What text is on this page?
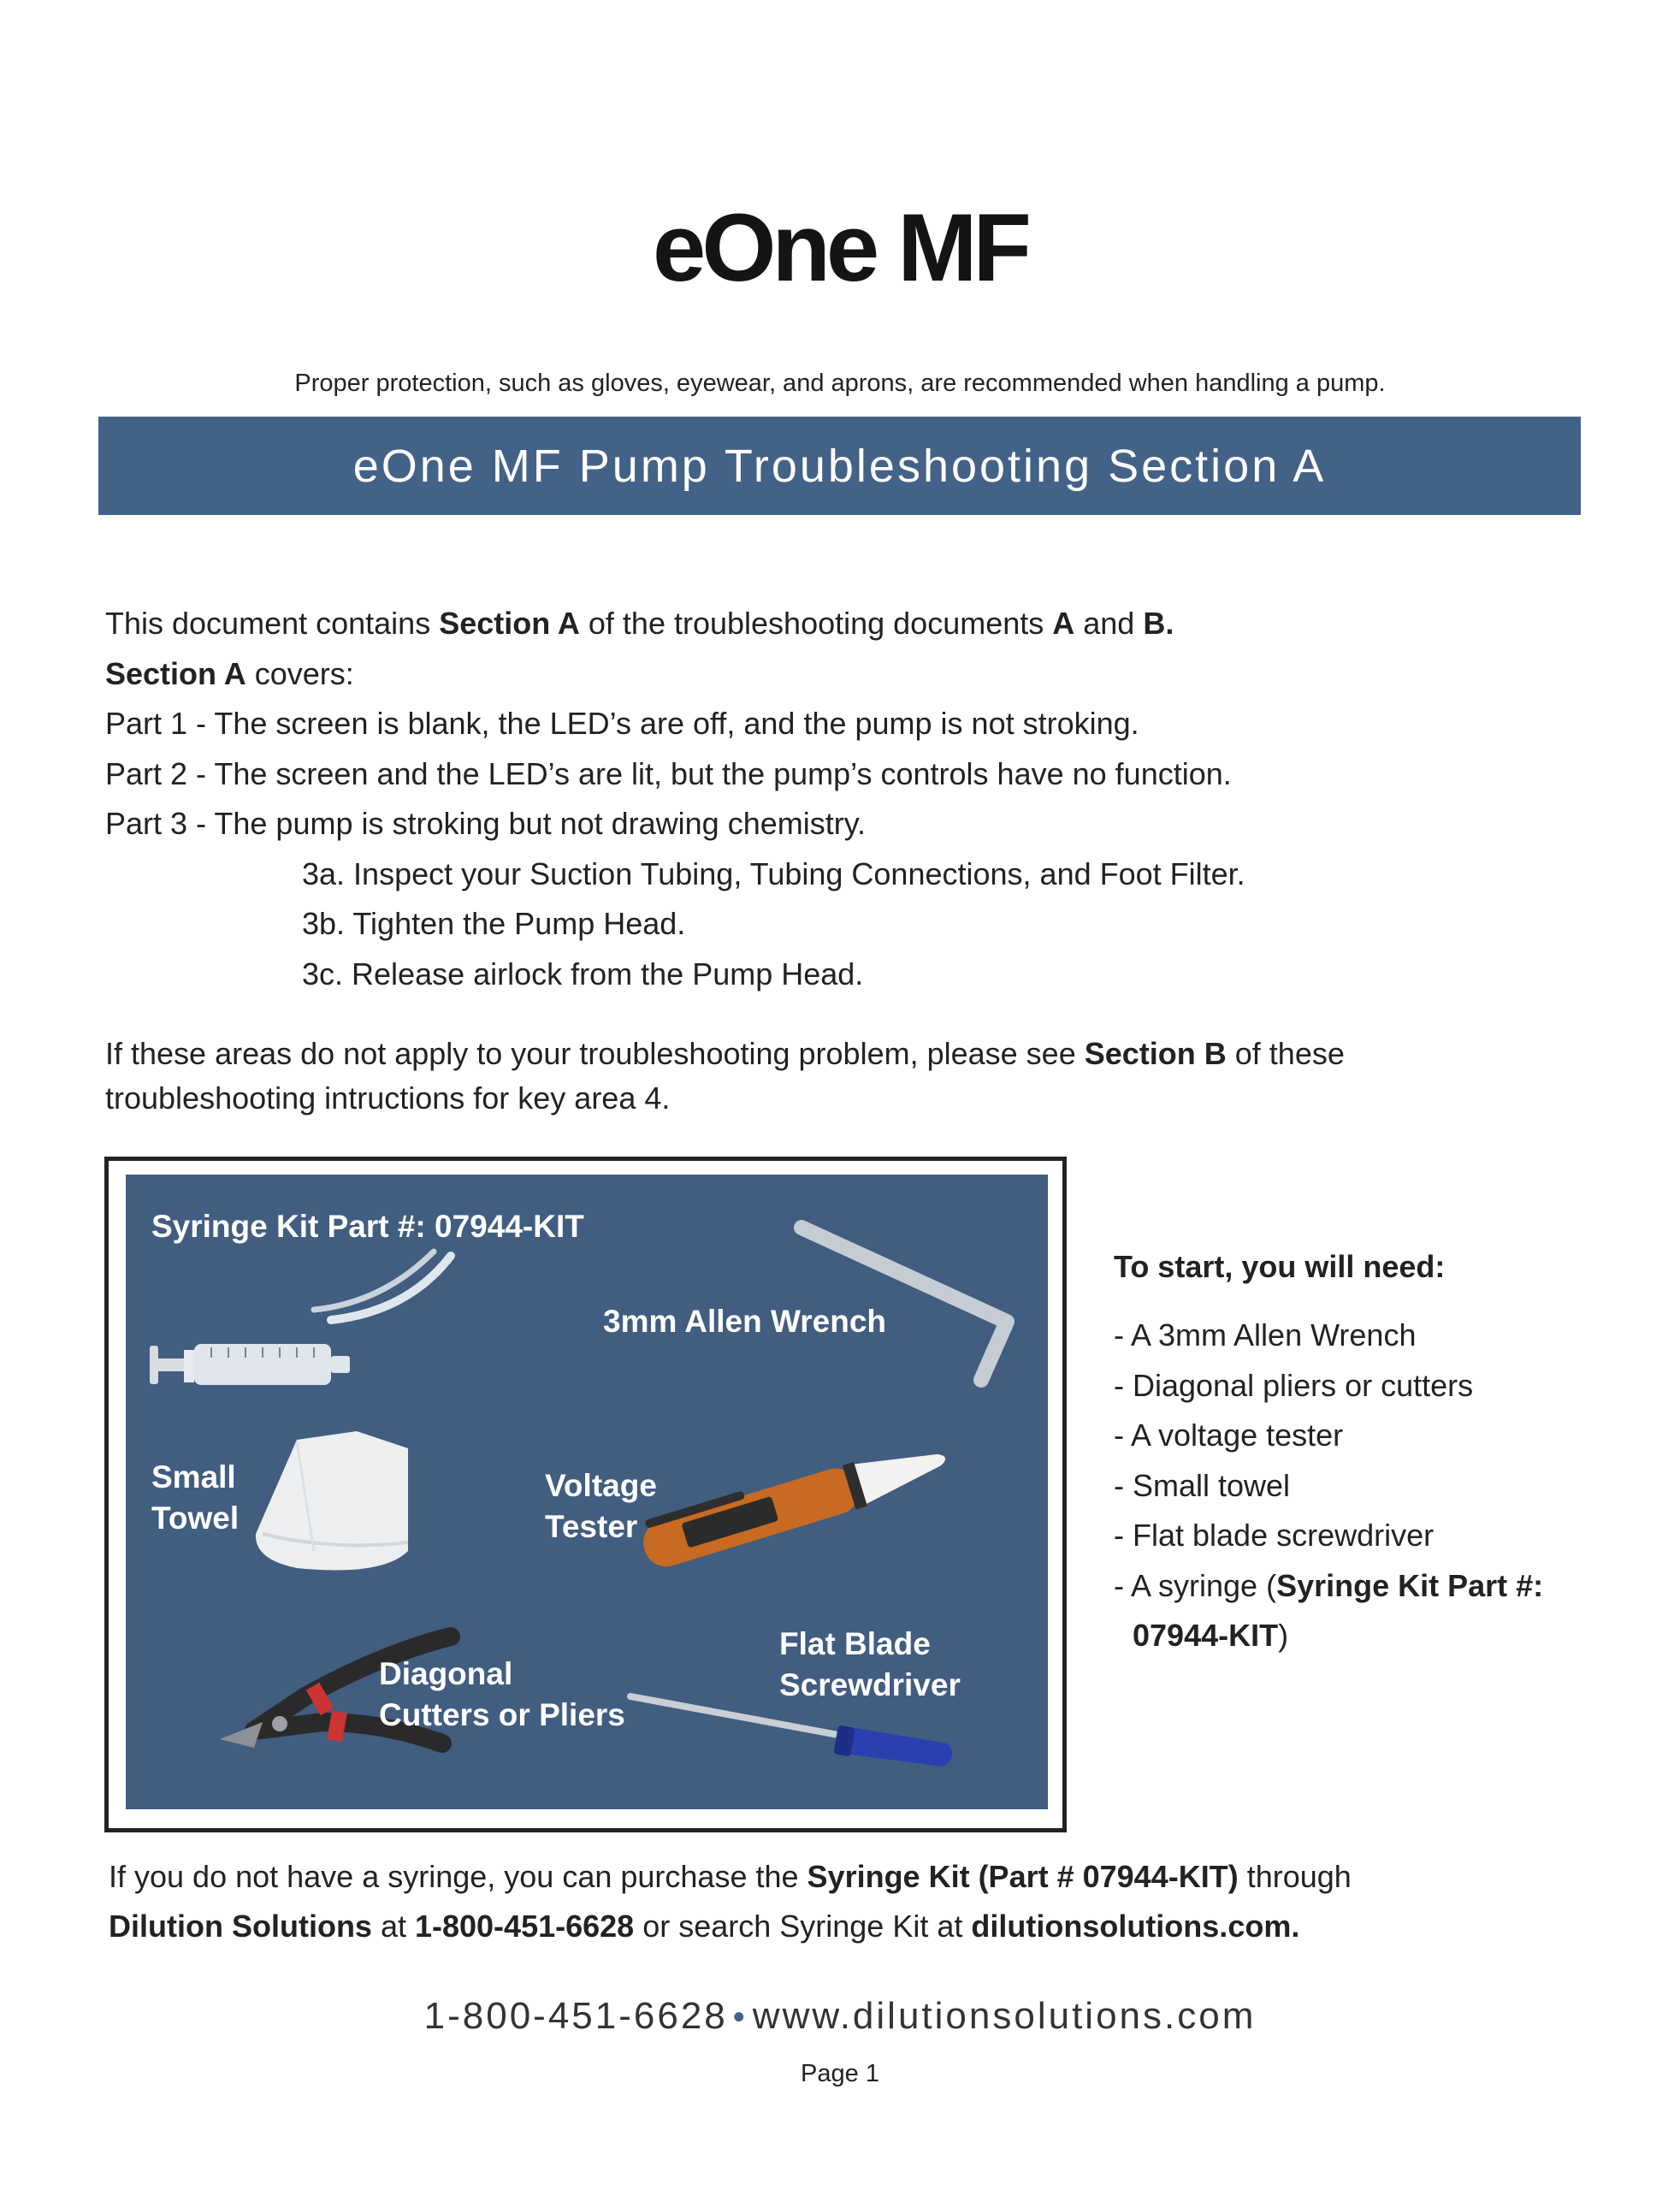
eOne MF
Proper protection, such as gloves, eyewear, and aprons, are recommended when handling a pump.
eOne MF Pump Troubleshooting Section A

This document contains Section A of the troubleshooting documents A and B.

Section A covers:

Part 1 - The screen is blank, the LED’s are off, and the pump is not stroking.

Part 2 - The screen and the LED’s are lit, but the pump’s controls have no function.

Part 3 - The pump is stroking but not drawing chemistry.

3a. Inspect your Suction Tubing, Tubing Connections, and Foot Filter.

3b. Tighten the Pump Head.

3c. Release airlock from the Pump Head.

If these areas do not apply to your troubleshooting problem, please see Section B of these troubleshooting intructions for key area 4.
Syringe Kit Part #: 07944-KIT
3mm Allen Wrench
Small
Towel
Voltage
Tester
Flat Blade
Screwdriver
Diagonal
Cutters or Pliers
To start, you will need:
- A 3mm Allen Wrench
- Diagonal pliers or cutters
- A voltage tester
- Small towel
- Flat blade screwdriver
- A syringe (Syringe Kit Part #: 07944-KIT)
If you do not have a syringe, you can purchase the Syringe Kit (Part # 07944-KIT) through
Dilution Solutions at 1-800-451-6628 or search Syringe Kit at dilutionsolutions.com.
1-800-451-6628 • www.dilutionsolutions.com
Page 1
